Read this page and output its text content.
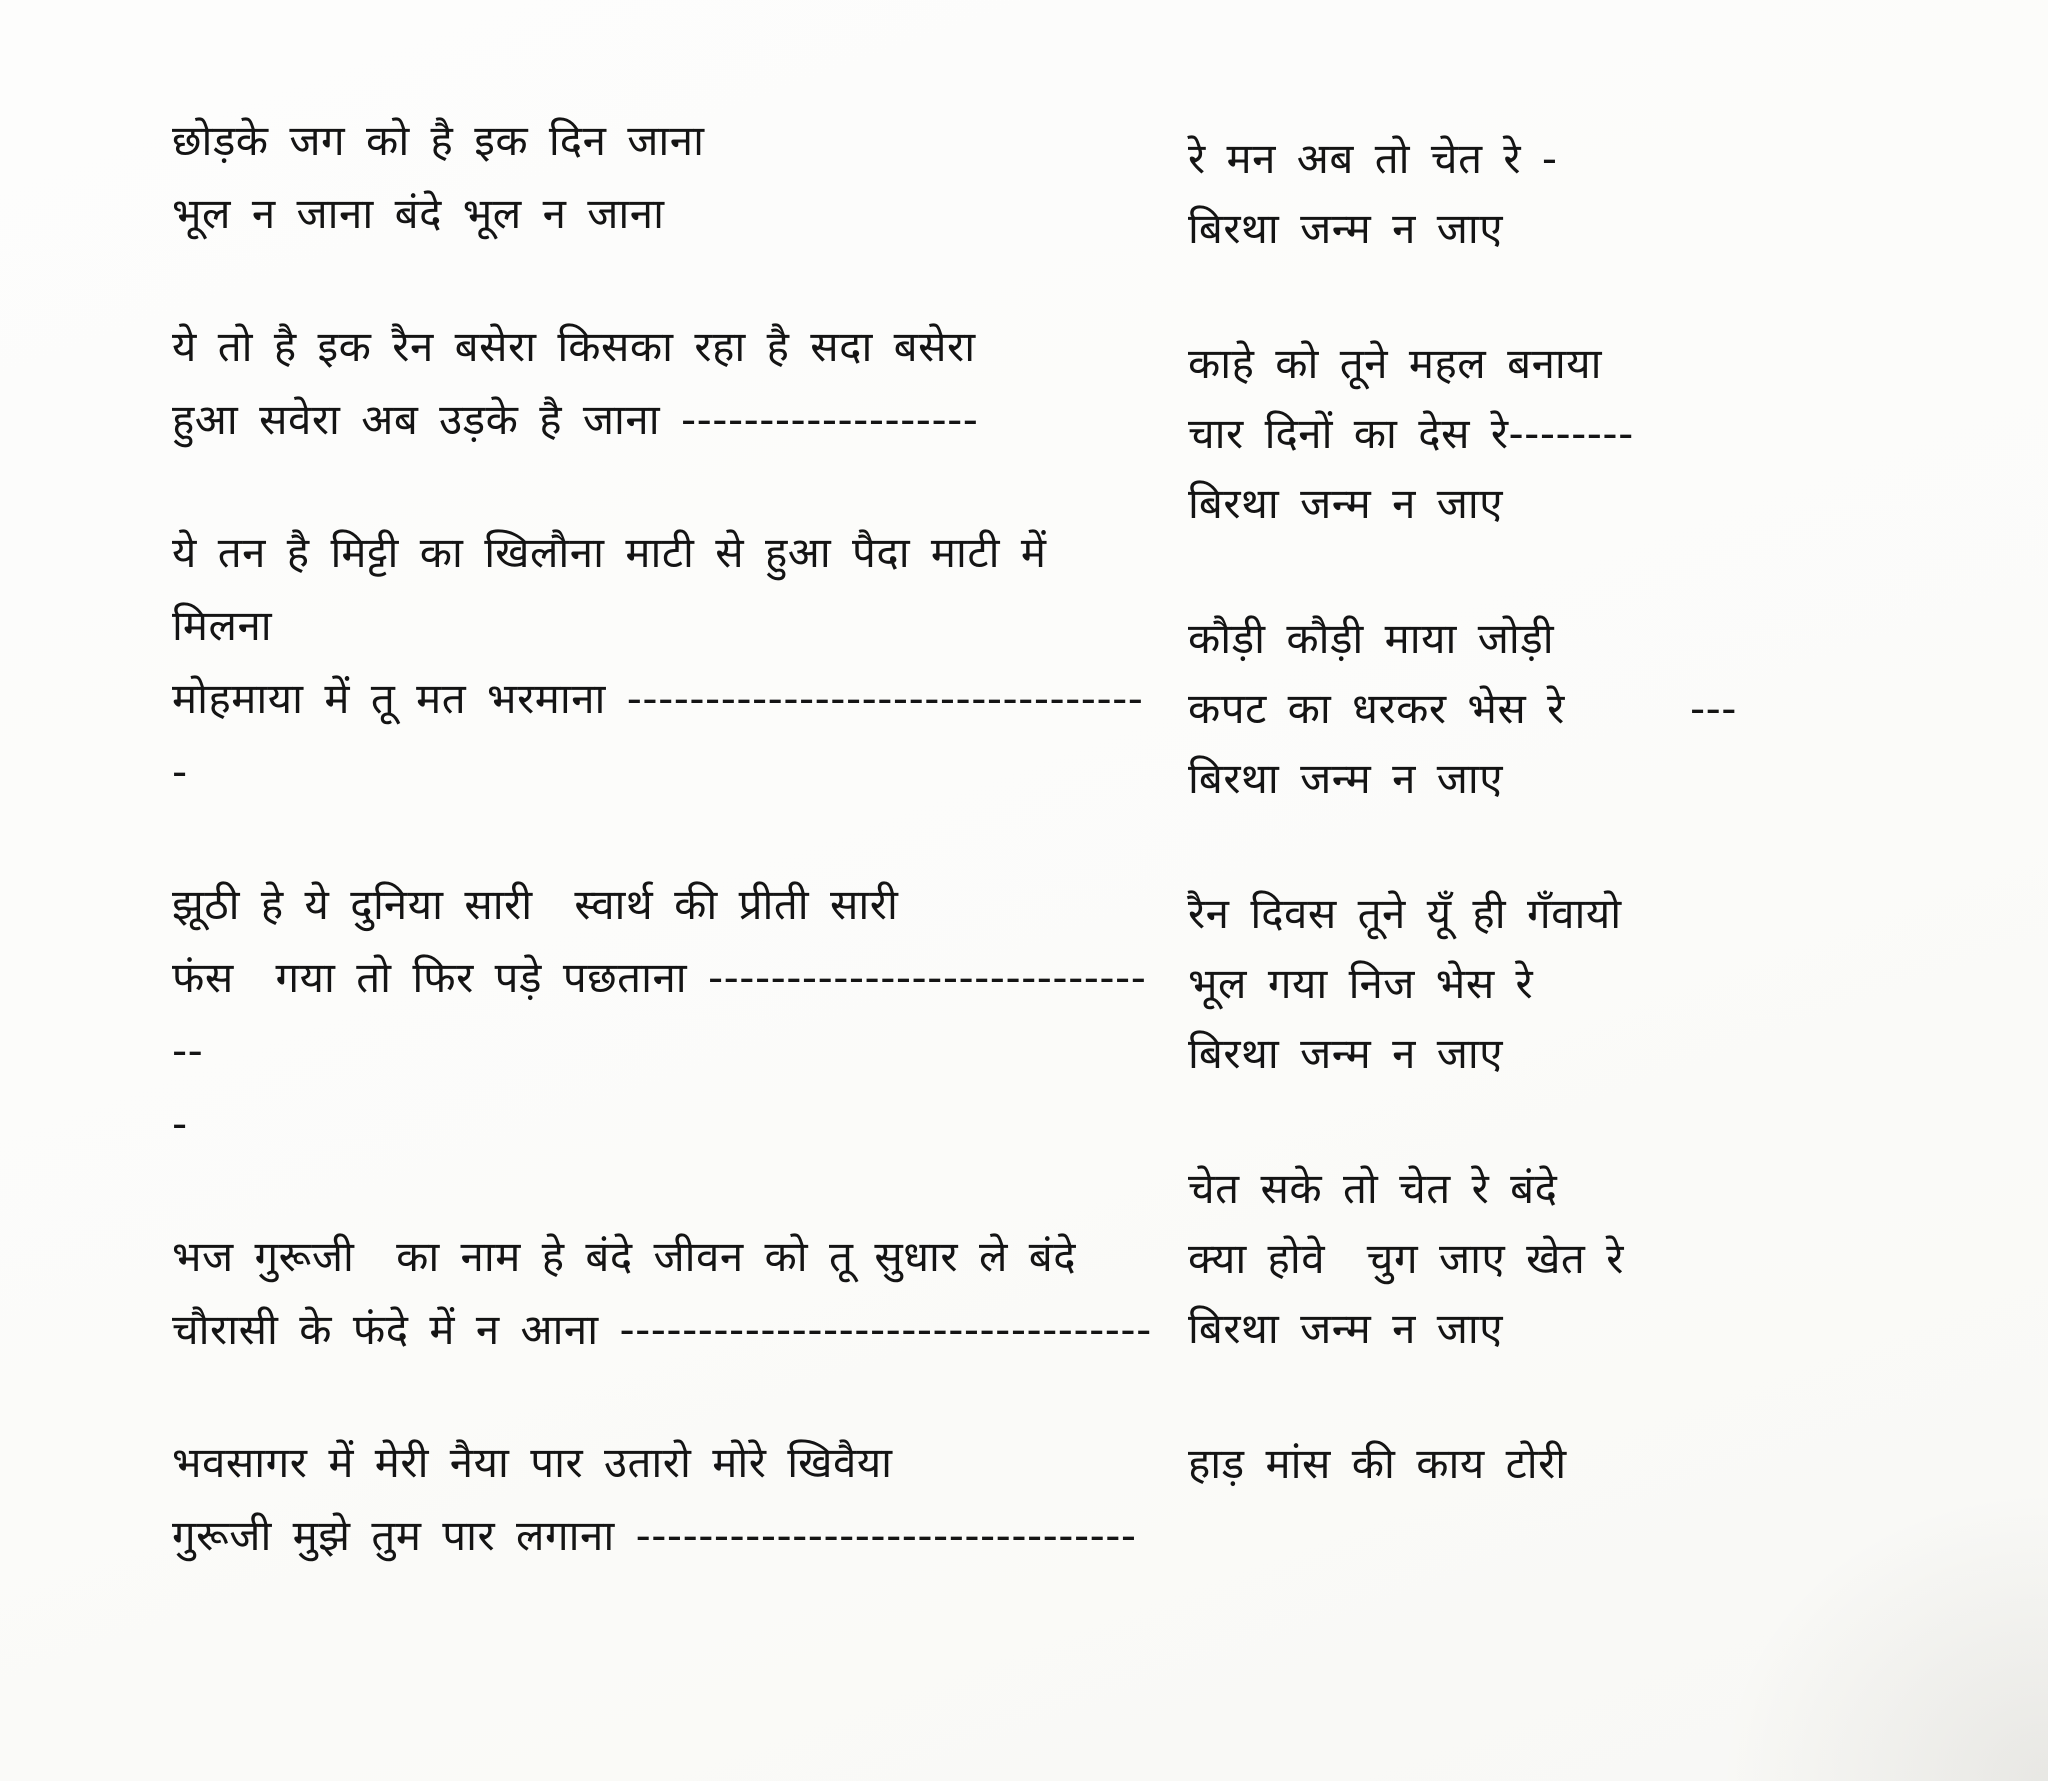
छोड़के जग को है इक दिन जाना

भूल न जाना बंदे भूल न जाना

ये तो है इक रैन बसेरा किसका रहा है सदा बसेरा

हुआ सवेरा अब उड़के है जाना -------------------

ये तन है मिट्टी का खिलौना माटी से हुआ पैदा माटी में

मिलना

मोहमाया में तू मत भरमाना ----------------------------------

झूठी हे ये दुनिया सारी  स्वार्थ की प्रीती सारी

फंस  गया तो फिर पड़े पछताना ------------------------------

-

भज गुरूजी  का नाम हे बंदे जीवन को तू सुधार ले बंदे

चौरासी के फंदे में न आना ----------------------------------

भवसागर में मेरी नैया पार उतारो मोरे खिवैया

गुरूजी मुझे तुम पार लगाना --------------------------------

रे मन अब तो चेत रे -

बिरथा जन्म न जाए

काहे को तूने महल बनाया

चार दिनों का देस रे--------

बिरथा जन्म न जाए

कौड़ी कौड़ी माया जोड़ी

कपट का धरकर भेस रे      ---

बिरथा जन्म न जाए

रैन दिवस तूने यूँ ही गँवायो

भूल गया निज भेस रे

बिरथा जन्म न जाए

चेत सके तो चेत रे बंदे

क्या होवे  चुग जाए खेत रे

बिरथा जन्म न जाए

हाड़ मांस की काय टोरी
